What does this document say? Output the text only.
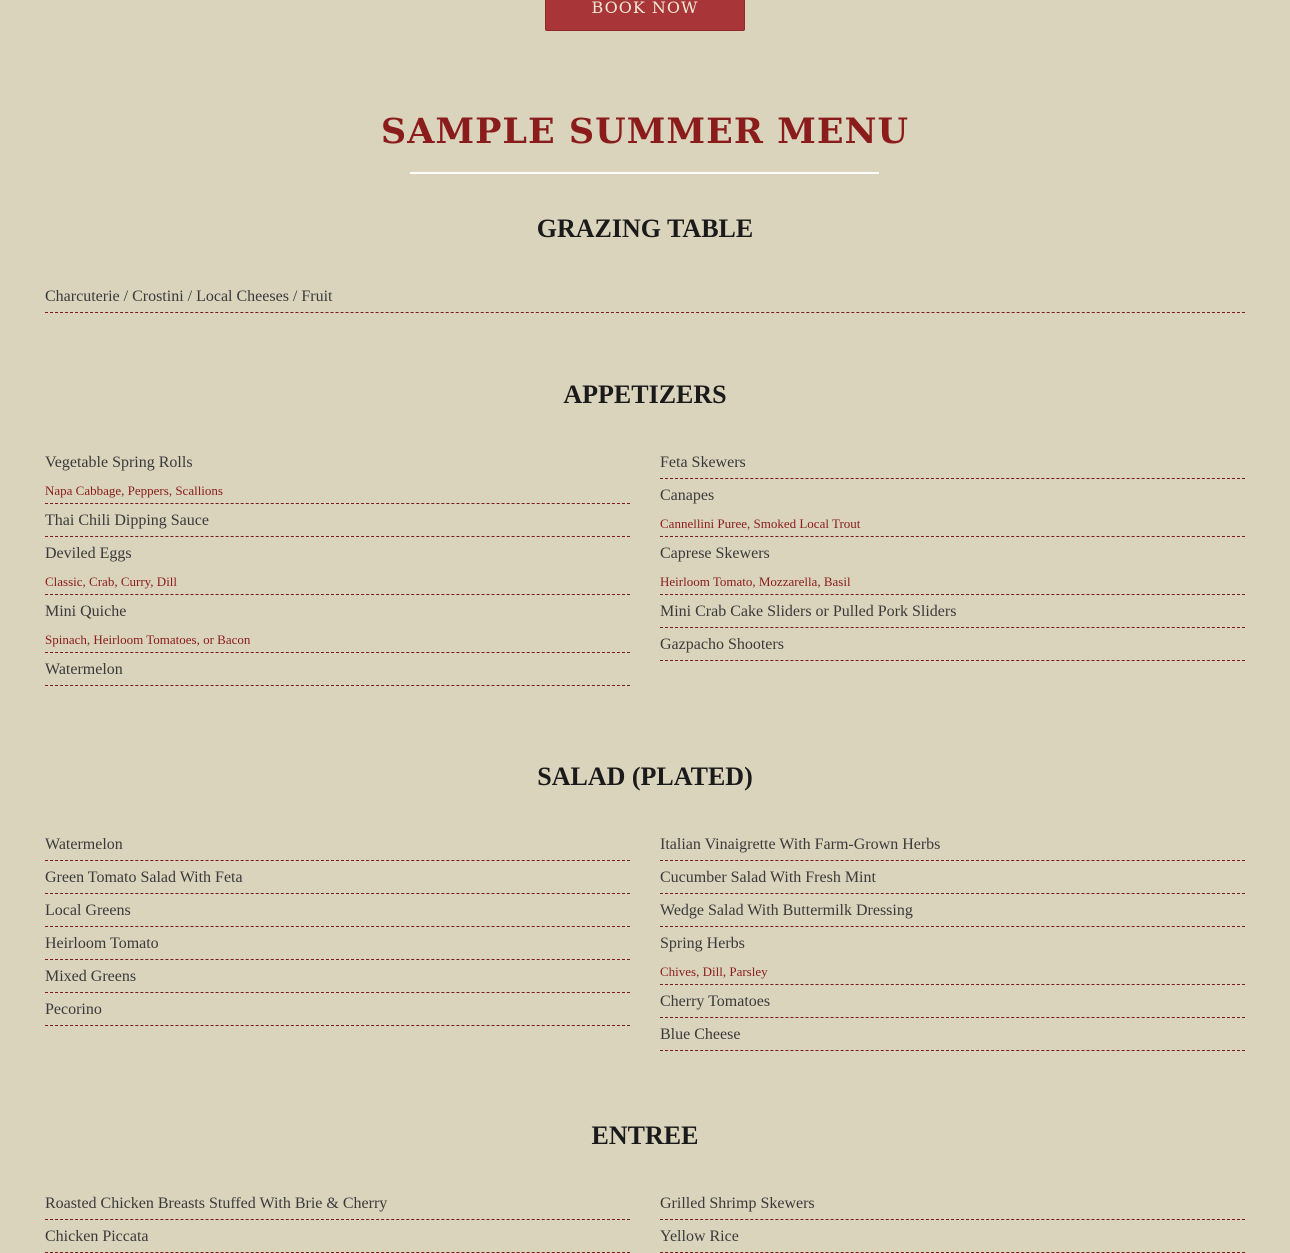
BOOK NOW
SAMPLE SUMMER MENU
GRAZING TABLE
Charcuterie / Crostini / Local Cheeses / Fruit
APPETIZERS
Vegetable Spring Rolls
Napa Cabbage, Peppers, Scallions
Thai Chili Dipping Sauce
Deviled Eggs
Classic, Crab, Curry, Dill
Mini Quiche
Spinach, Heirloom Tomatoes, or Bacon
Watermelon
Feta Skewers
Canapes
Cannellini Puree, Smoked Local Trout
Caprese Skewers
Heirloom Tomato, Mozzarella, Basil
Mini Crab Cake Sliders or Pulled Pork Sliders
Gazpacho Shooters
SALAD (PLATED)
Watermelon
Green Tomato Salad With Feta
Local Greens
Heirloom Tomato
Mixed Greens
Pecorino
Italian Vinaigrette With Farm-Grown Herbs
Cucumber Salad With Fresh Mint
Wedge Salad With Buttermilk Dressing
Spring Herbs
Chives, Dill, Parsley
Cherry Tomatoes
Blue Cheese
ENTREE
Roasted Chicken Breasts Stuffed With Brie & Cherry
Chicken Piccata
Grilled Shrimp Skewers
Yellow Rice
